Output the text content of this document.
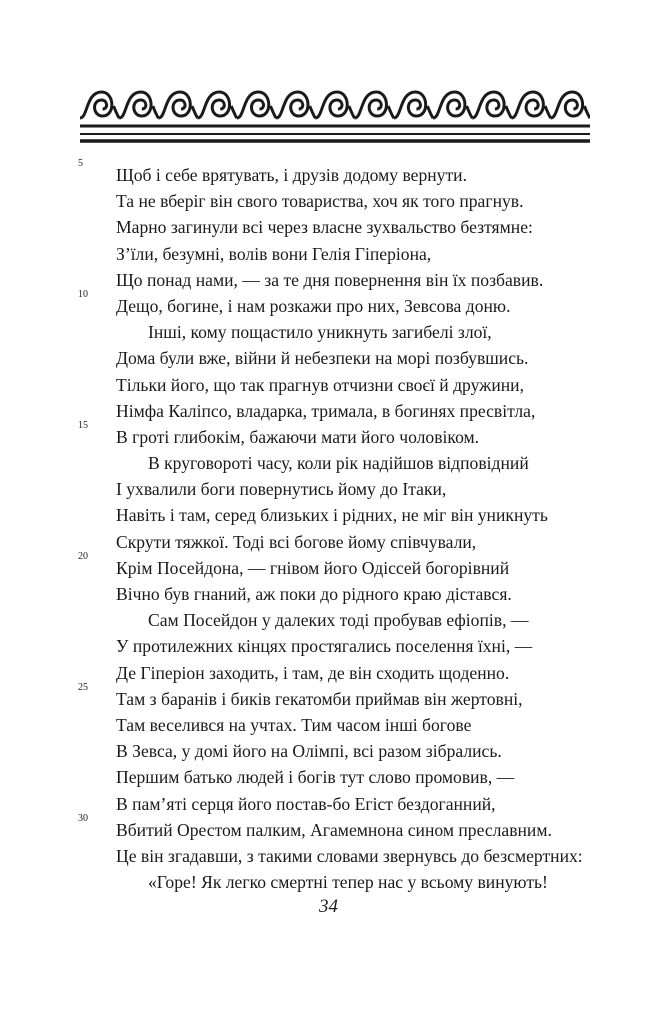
5
Щоб і себе врятувать, і друзів додому вернути.
Та не вберіг він свого товариства, хоч як того прагнув.
Марно загинули всі через власне зухвальство безтямне:
З’їли, безумні, волів вони Гелія Гіперіона,
Що понад нами, — за те дня повернення він їх позбавив.
10
Дещо, богине, і нам розкажи про них, Зевсова доню.
Інші, кому пощастило уникнуть загибелі злої,
Дома були вже, війни й небезпеки на морі позбувшись.
Тільки його, що так прагнув отчизни своєї й дружини,
Німфа Каліпсо, владарка, тримала, в богинях пресвітла,
15
В гроті глибокім, бажаючи мати його чоловіком.
В круговороті часу, коли рік надійшов відповідний
І ухвалили боги повернутись йому до Ітаки,
Навіть і там, серед близьких і рідних, не міг він уникнуть
Скрути тяжкої. Тоді всі богове йому співчували,
20
Крім Посейдона, — гнівом його Одіссей богорівний
Вічно був гнаний, аж поки до рідного краю дістався.
Сам Посейдон у далеких тоді пробував ефіопів, —
У протилежних кінцях простягались поселення їхні, —
Де Гіперіон заходить, і там, де він сходить щоденно.
25
Там з баранів і биків гекатомби приймав він жертовні,
Там веселився на учтах. Тим часом інші богове
В Зевса, у домі його на Олімпі, всі разом зібрались.
Першим батько людей і богів тут слово промовив, —
В пам’яті серця його постав-бо Егіст бездоганний,
30
Вбитий Орестом палким, Агамемнона сином преславним.
Це він згадавши, з такими словами звернувсь до безсмертних:
«Горе! Як легко смертні тепер нас у всьому винують!
34
